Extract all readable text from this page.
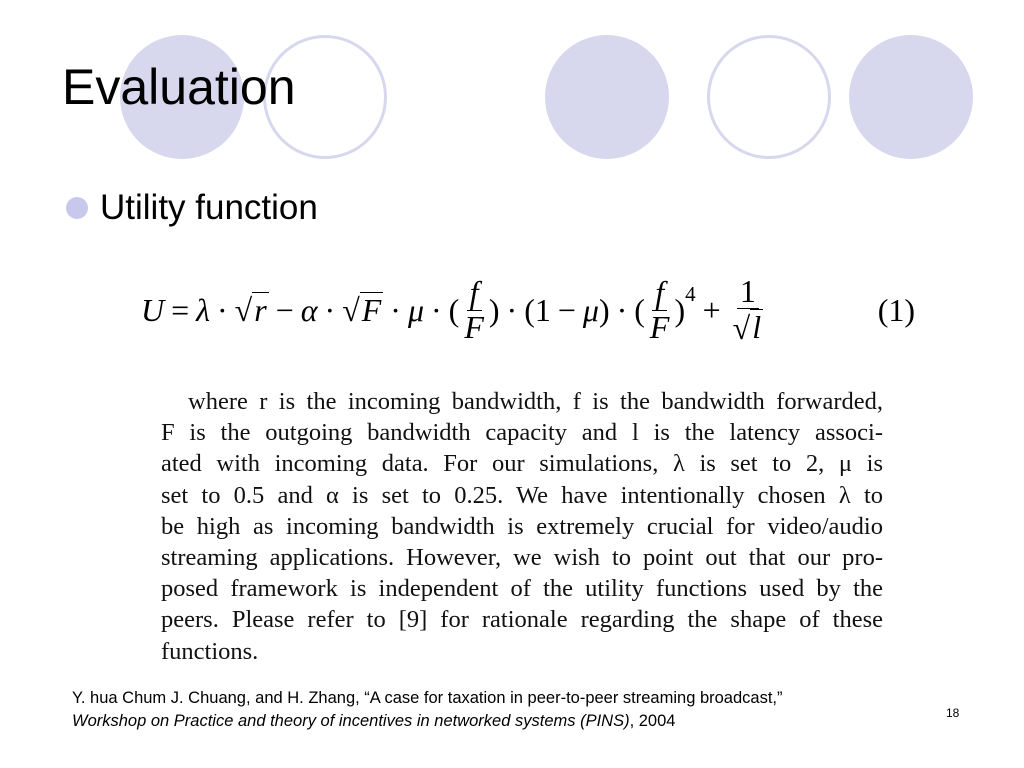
Evaluation
Utility function
U = λ · √ r − α · √ F · μ · ( $\frac{f}{F}$ ) · ( 1 − μ ) · ( $\frac{f}{F}$ ) $4 + \frac{1}{√ l}$	(1)
where r is the incoming bandwidth, f is the bandwidth forwarded,
F is the outgoing bandwidth capacity and l is the latency associ-
ated with incoming data. For our simulations, λ is set to 2, μ is
set to 0.5 and α is set to 0.25. We have intentionally chosen λ to
be high as incoming bandwidth is extremely crucial for video/audio
streaming applications. However, we wish to point out that our pro-
posed framework is independent of the utility functions used by the
peers. Please refer to [9] for rationale regarding the shape of these
functions.
Y. hua Chum J. Chuang, and H. Zhang, “A case for taxation in peer-to-peer streaming broadcast,”
Workshop on Practice and theory of incentives in networked systems (PINS), 2004	18
